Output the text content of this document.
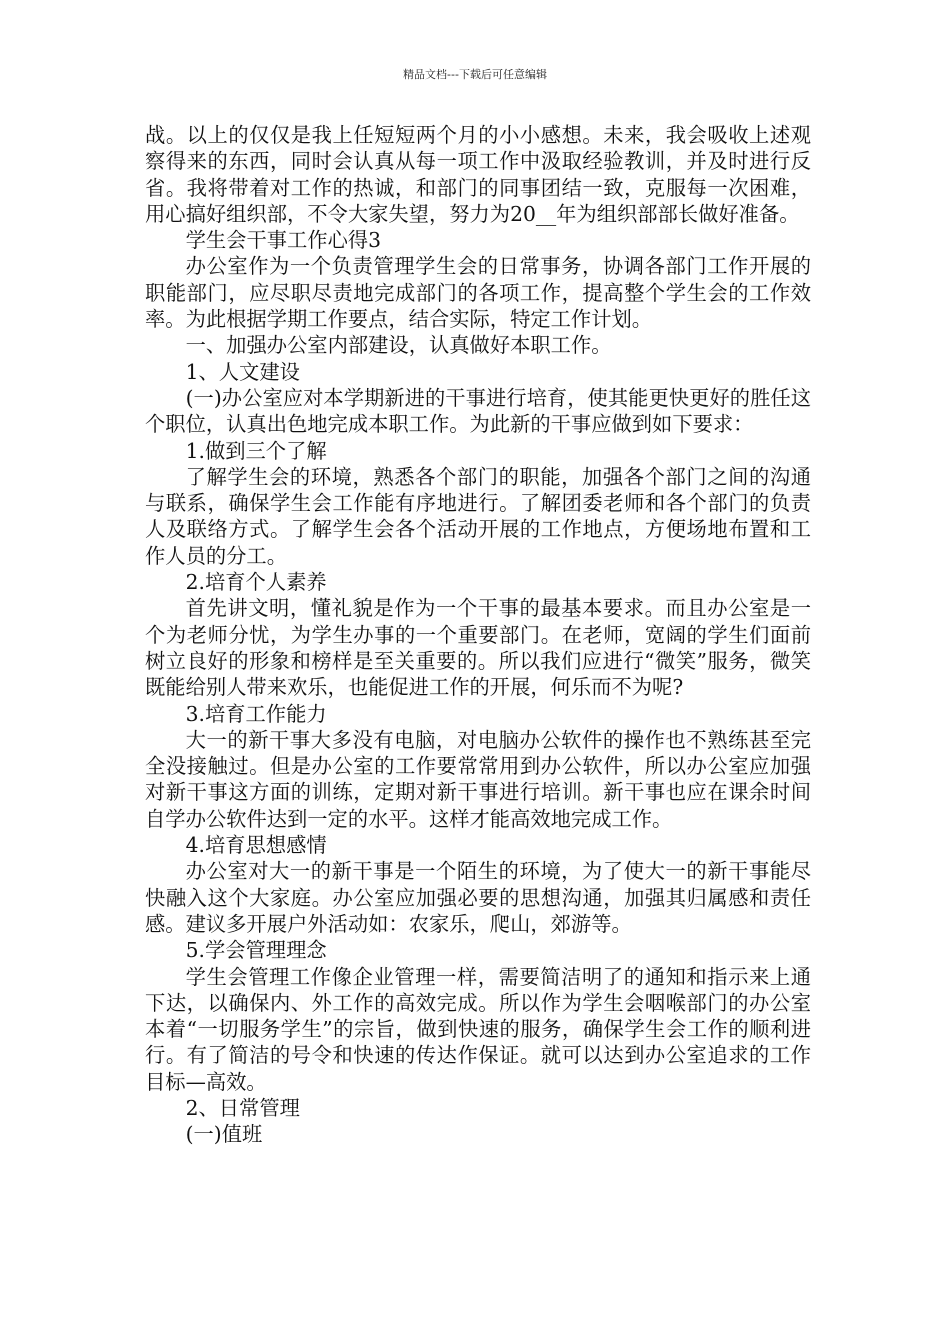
精品文档---下载后可任意编辑

战。以上的仅仅是我上任短短两个月的小小感想。未来，我会吸收上述观察得来的东西，同时会认真从每一项工作中汲取经验教训，并及时进行反省。我将带着对工作的热诚，和部门的同事团结一致，克服每一次困难，用心搞好组织部，不令大家失望，努力为20__年为组织部部长做好准备。

学生会干事工作心得3

办公室作为一个负责管理学生会的日常事务，协调各部门工作开展的职能部门，应尽职尽责地完成部门的各项工作，提高整个学生会的工作效率。为此根据学期工作要点，结合实际，特定工作计划。

一、加强办公室内部建设，认真做好本职工作。

1、人文建设

(一)办公室应对本学期新进的干事进行培育，使其能更快更好的胜任这个职位，认真出色地完成本职工作。为此新的干事应做到如下要求：

1.做到三个了解

了解学生会的环境，熟悉各个部门的职能，加强各个部门之间的沟通与联系，确保学生会工作能有序地进行。了解团委老师和各个部门的负责人及联络方式。了解学生会各个活动开展的工作地点，方便场地布置和工作人员的分工。

2.培育个人素养

首先讲文明，懂礼貌是作为一个干事的最基本要求。而且办公室是一个为老师分忧，为学生办事的一个重要部门。在老师，宽阔的学生们面前树立良好的形象和榜样是至关重要的。所以我们应进行“微笑”服务，微笑既能给别人带来欢乐，也能促进工作的开展，何乐而不为呢?

3.培育工作能力

大一的新干事大多没有电脑，对电脑办公软件的操作也不熟练甚至完全没接触过。但是办公室的工作要常常用到办公软件，所以办公室应加强对新干事这方面的训练，定期对新干事进行培训。新干事也应在课余时间自学办公软件达到一定的水平。这样才能高效地完成工作。

4.培育思想感情

办公室对大一的新干事是一个陌生的环境，为了使大一的新干事能尽快融入这个大家庭。办公室应加强必要的思想沟通，加强其归属感和责任感。建议多开展户外活动如：农家乐，爬山，郊游等。

5.学会管理理念

学生会管理工作像企业管理一样，需要简洁明了的通知和指示来上通下达，以确保内、外工作的高效完成。所以作为学生会咽喉部门的办公室本着“一切服务学生”的宗旨，做到快速的服务，确保学生会工作的顺利进行。有了简洁的号令和快速的传达作保证。就可以达到办公室追求的工作目标—高效。

2、日常管理

(一)值班
